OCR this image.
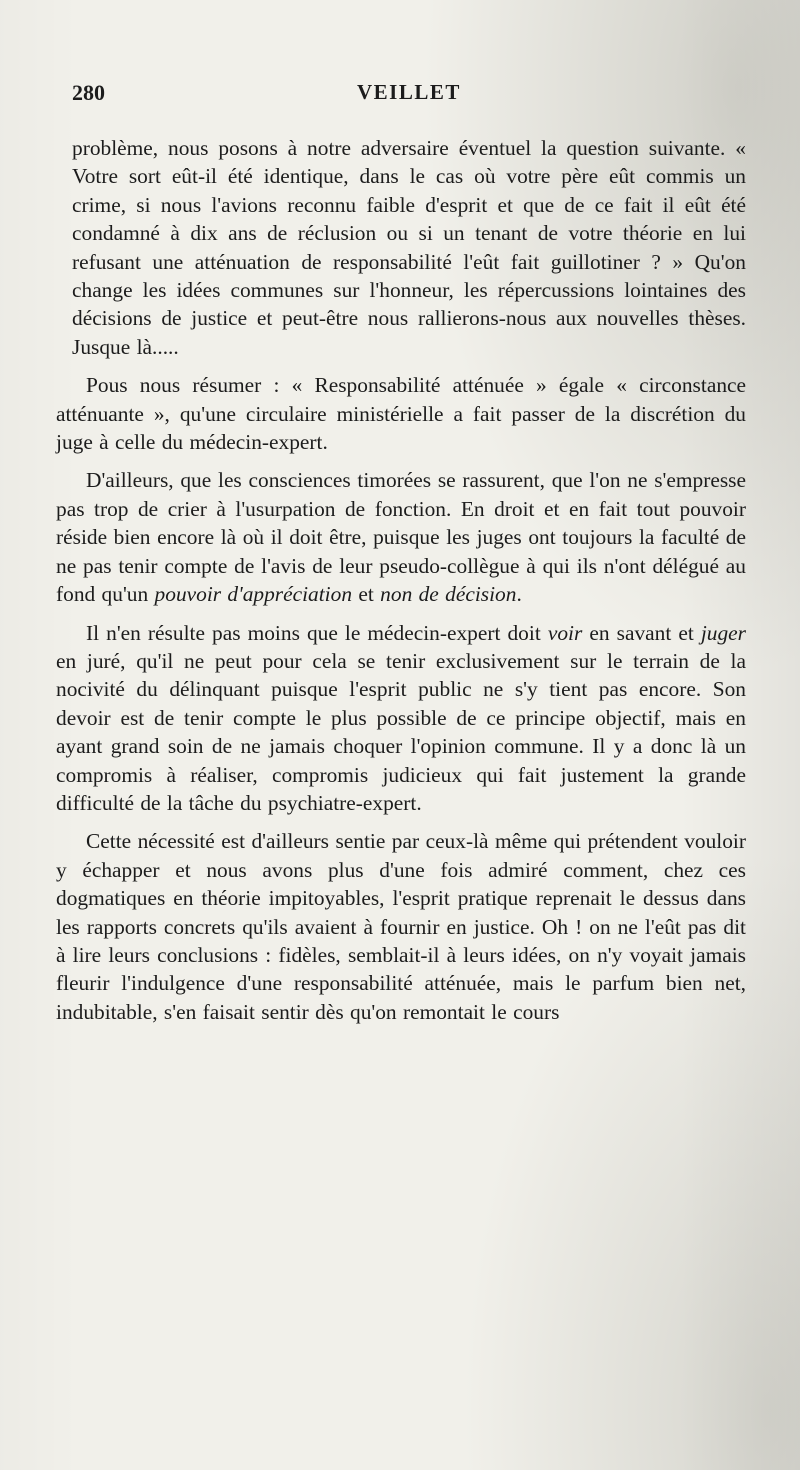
280	VEILLET

problème, nous posons à notre adversaire éventuel la question suivante. « Votre sort eût-il été identique, dans le cas où votre père eût commis un crime, si nous l'avions reconnu faible d'esprit et que de ce fait il eût été condamné à dix ans de réclusion ou si un tenant de votre théorie en lui refusant une atténuation de responsabilité l'eût fait guillotiner ? » Qu'on change les idées communes sur l'honneur, les répercussions lointaines des décisions de justice et peut-être nous rallierons-nous aux nouvelles thèses. Jusque là.....

Pous nous résumer : « Responsabilité atténuée » égale « circonstance atténuante », qu'une circulaire ministérielle a fait passer de la discrétion du juge à celle du médecin-expert.

D'ailleurs, que les consciences timorées se rassurent, que l'on ne s'empresse pas trop de crier à l'usurpation de fonction. En droit et en fait tout pouvoir réside bien encore là où il doit être, puisque les juges ont toujours la faculté de ne pas tenir compte de l'avis de leur pseudo-collègue à qui ils n'ont délégué au fond qu'un pouvoir d'appréciation et non de décision.

Il n'en résulte pas moins que le médecin-expert doit voir en savant et juger en juré, qu'il ne peut pour cela se tenir exclusivement sur le terrain de la nocivité du délinquant puisque l'esprit public ne s'y tient pas encore. Son devoir est de tenir compte le plus possible de ce principe objectif, mais en ayant grand soin de ne jamais choquer l'opinion commune. Il y a donc là un compromis à réaliser, compromis judicieux qui fait justement la grande difficulté de la tâche du psychiatre-expert.

Cette nécessité est d'ailleurs sentie par ceux-là même qui prétendent vouloir y échapper et nous avons plus d'une fois admiré comment, chez ces dogmatiques en théorie impitoyables, l'esprit pratique reprenait le dessus dans les rapports concrets qu'ils avaient à fournir en justice. Oh ! on ne l'eût pas dit à lire leurs conclusions : fidèles, semblait-il à leurs idées, on n'y voyait jamais fleurir l'indulgence d'une responsabilité atténuée, mais le parfum bien net, indubitable, s'en faisait sentir dès qu'on remontait le cours
